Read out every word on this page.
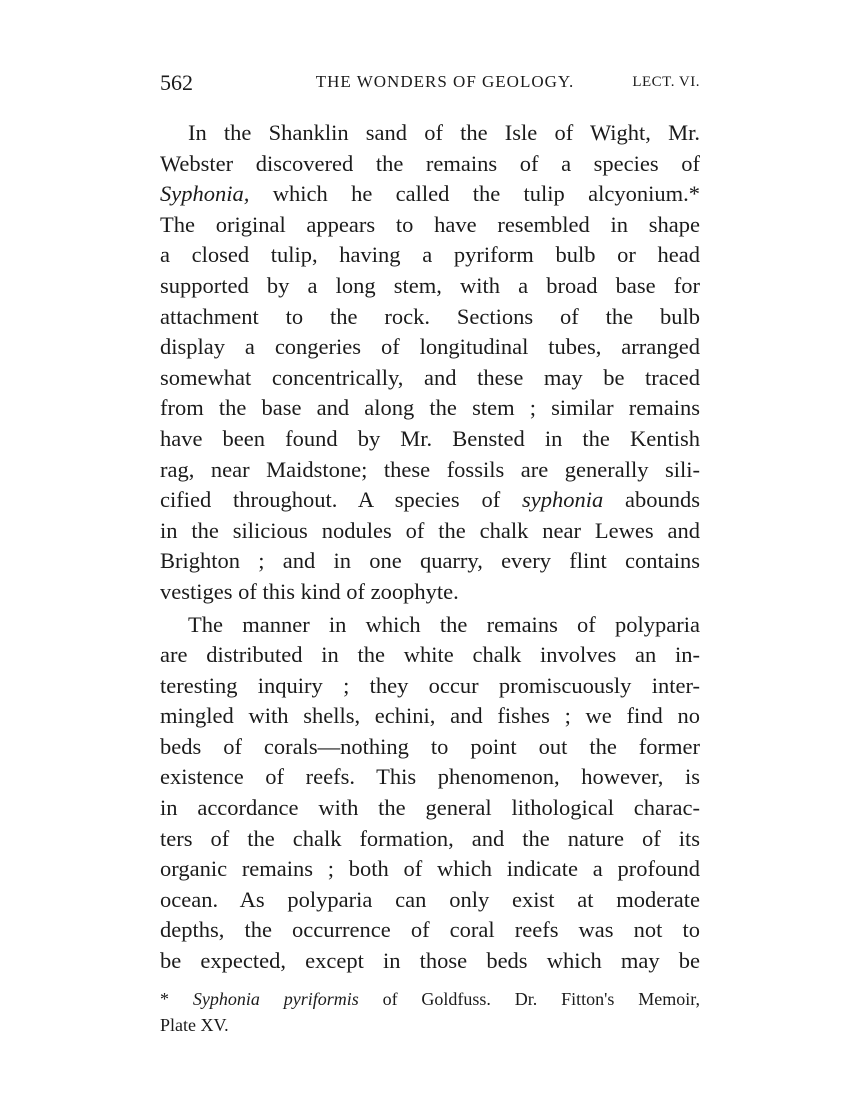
562	THE WONDERS OF GEOLOGY.	LECT. VI.
In the Shanklin sand of the Isle of Wight, Mr.
Webster discovered the remains of a species of
Syphonia, which he called the tulip alcyonium.*
The original appears to have resembled in shape
a closed tulip, having a pyriform bulb or head
supported by a long stem, with a broad base for
attachment to the rock. Sections of the bulb
display a congeries of longitudinal tubes, arranged
somewhat concentrically, and these may be traced
from the base and along the stem ; similar remains
have been found by Mr. Bensted in the Kentish
rag, near Maidstone; these fossils are generally sili-
cified throughout. A species of syphonia abounds
in the silicious nodules of the chalk near Lewes and
Brighton ; and in one quarry, every flint contains
vestiges of this kind of zoophyte.
The manner in which the remains of polyparia
are distributed in the white chalk involves an in-
teresting inquiry ; they occur promiscuously inter-
mingled with shells, echini, and fishes ; we find no
beds of corals—nothing to point out the former
existence of reefs. This phenomenon, however, is
in accordance with the general lithological charac-
ters of the chalk formation, and the nature of its
organic remains ; both of which indicate a profound
ocean. As polyparia can only exist at moderate
depths, the occurrence of coral reefs was not to
be expected, except in those beds which may be
* Syphonia pyriformis of Goldfuss. Dr. Fitton's Memoir,
Plate XV.
